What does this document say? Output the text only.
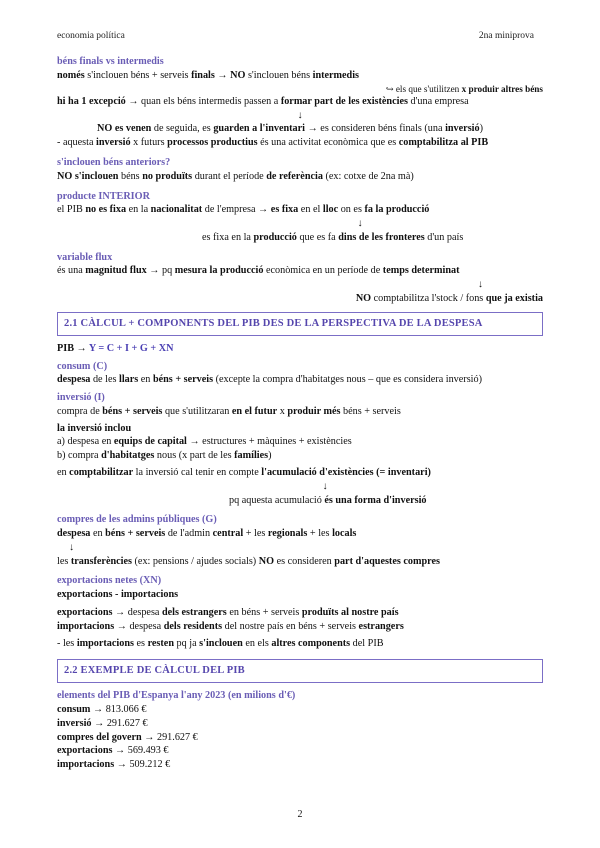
economia política	2na miniprova

béns finals vs intermedis

només s'inclouen béns + serveis finals → NO s'inclouen béns intermedis

↪ els que s'utilitzen x produir altres béns

hi ha 1 excepció → quan els béns intermedis passen a formar part de les existències d'una empresa

↓

NO es venen de seguida, es guarden a l'inventari → es consideren béns finals (una inversió)

- aquesta inversió x futurs processos productius és una activitat econòmica que es comptabilitza al PIB

s'inclouen béns anteriors?

NO s'inclouen béns no produïts durant el període de referència (ex: cotxe de 2na mà)

producte INTERIOR

el PIB no es fixa en la nacionalitat de l'empresa → es fixa en el lloc on es fa la producció

↓

es fixa en la producció que es fa dins de les fronteres d'un país

variable flux

és una magnitud flux → pq mesura la producció econòmica en un període de temps determinat

↓

NO comptabilitza l'stock / fons que ja existia

2.1 CÀLCUL + COMPONENTS DEL PIB DES DE LA PERSPECTIVA DE LA DESPESA

PIB → Y = C + I + G + XN

consum (C)

despesa de les llars en béns + serveis (excepte la compra d'habitatges nous – que es considera inversió)

inversió (I)

compra de béns + serveis que s'utilitzaran en el futur x produir més béns + serveis

la inversió inclou

a) despesa en equips de capital → estructures + màquines + existències

b) compra d'habitatges nous (x part de les famílies)

en comptabilitzar la inversió cal tenir en compte l'acumulació d'existències (= inventari)

↓

pq aquesta acumulació és una forma d'inversió

compres de les admins públiques (G)

despesa en béns + serveis de l'admin central + les regionals + les locals

↓

les transferències (ex: pensions / ajudes socials) NO es consideren part d'aquestes compres

exportacions netes (XN)

exportacions - importacions

exportacions → despesa dels estrangers en béns + serveis produïts al nostre país

importacions → despesa dels residents del nostre país en béns + serveis estrangers

- les importacions es resten pq ja s'inclouen en els altres components del PIB

2.2 EXEMPLE DE CÀLCUL DEL PIB

elements del PIB d'Espanya l'any 2023 (en milions d'€)

consum → 813.066 €

inversió → 291.627 €

compres del govern → 291.627 €

exportacions → 569.493 €

importacions → 509.212 €

2
